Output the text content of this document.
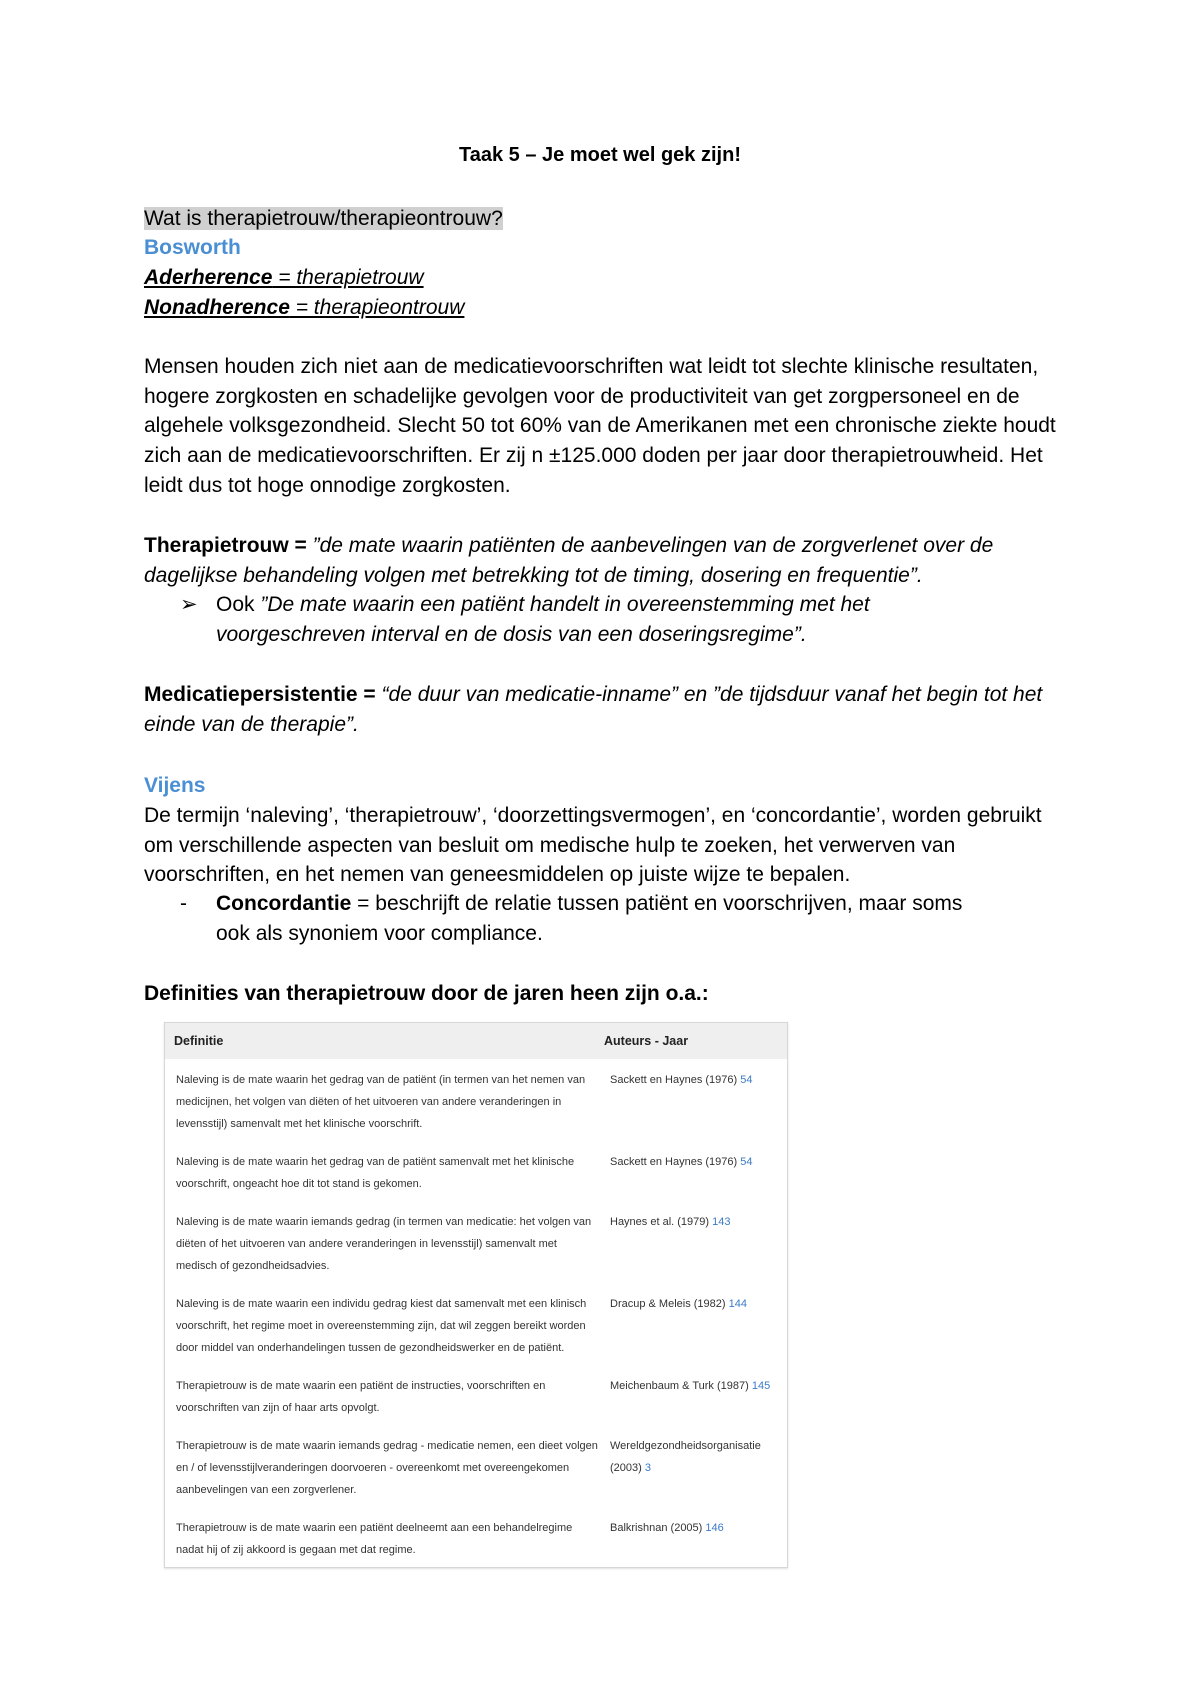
Taak 5 – Je moet wel gek zijn!
Wat is therapietrouw/therapieontrouw?
Bosworth
Aderherence = therapietrouw
Nonadherence = therapieontrouw
Mensen houden zich niet aan de medicatievoorschriften wat leidt tot slechte klinische resultaten, hogere zorgkosten en schadelijke gevolgen voor de productiviteit van get zorgpersoneel en de algehele volksgezondheid. Slecht 50 tot 60% van de Amerikanen met een chronische ziekte houdt zich aan de medicatievoorschriften. Er zij n ±125.000 doden per jaar door therapietrouwheid. Het leidt dus tot hoge onnodige zorgkosten.
Therapietrouw = ”de mate waarin patiënten de aanbevelingen van de zorgverlenet over de dagelijkse behandeling volgen met betrekking tot de timing, dosering en frequentie”.
➢ Ook ”De mate waarin een patiënt handelt in overeenstemming met het voorgeschreven interval en de dosis van een doseringsregime”.
Medicatiepersistentie = “de duur van medicatie-inname” en ”de tijdsduur vanaf het begin tot het einde van de therapie”.
Vijens
De termijn ‘naleving’, ‘therapietrouw’, ‘doorzettingsvermogen’, en ‘concordantie’, worden gebruikt om verschillende aspecten van besluit om medische hulp te zoeken, het verwerven van voorschriften, en het nemen van geneesmiddelen op juiste wijze te bepalen.
- Concordantie = beschrijft de relatie tussen patiënt en voorschrijven, maar soms ook als synoniem voor compliance.
Definities van therapietrouw door de jaren heen zijn o.a.:
Definitie	Auteurs - Jaar
Naleving is de mate waarin het gedrag van de patiënt (in termen van het nemen van medicijnen, het volgen van diëten of het uitvoeren van andere veranderingen in levensstijl) samenvalt met het klinische voorschrift.
Sackett en Haynes (1976) 54
Naleving is de mate waarin het gedrag van de patiënt samenvalt met het klinische voorschrift, ongeacht hoe dit tot stand is gekomen.
Sackett en Haynes (1976) 54
Naleving is de mate waarin iemands gedrag (in termen van medicatie: het volgen van diëten of het uitvoeren van andere veranderingen in levensstijl) samenvalt met medisch of gezondheidsadvies.
Haynes et al. (1979) 143
Naleving is de mate waarin een individu gedrag kiest dat samenvalt met een klinisch voorschrift, het regime moet in overeenstemming zijn, dat wil zeggen bereikt worden door middel van onderhandelingen tussen de gezondheidswerker en de patiënt.
Dracup & Meleis (1982) 144
Therapietrouw is de mate waarin een patiënt de instructies, voorschriften en voorschriften van zijn of haar arts opvolgt.
Meichenbaum & Turk (1987) 145
Therapietrouw is de mate waarin iemands gedrag - medicatie nemen, een dieet volgen en / of levensstijlveranderingen doorvoeren - overeenkomt met overeengekomen aanbevelingen van een zorgverlener.
Wereldgezondheidsorganisatie (2003) 3
Therapietrouw is de mate waarin een patiënt deelneemt aan een behandelregime nadat hij of zij akkoord is gegaan met dat regime.
Balkrishnan (2005) 146
